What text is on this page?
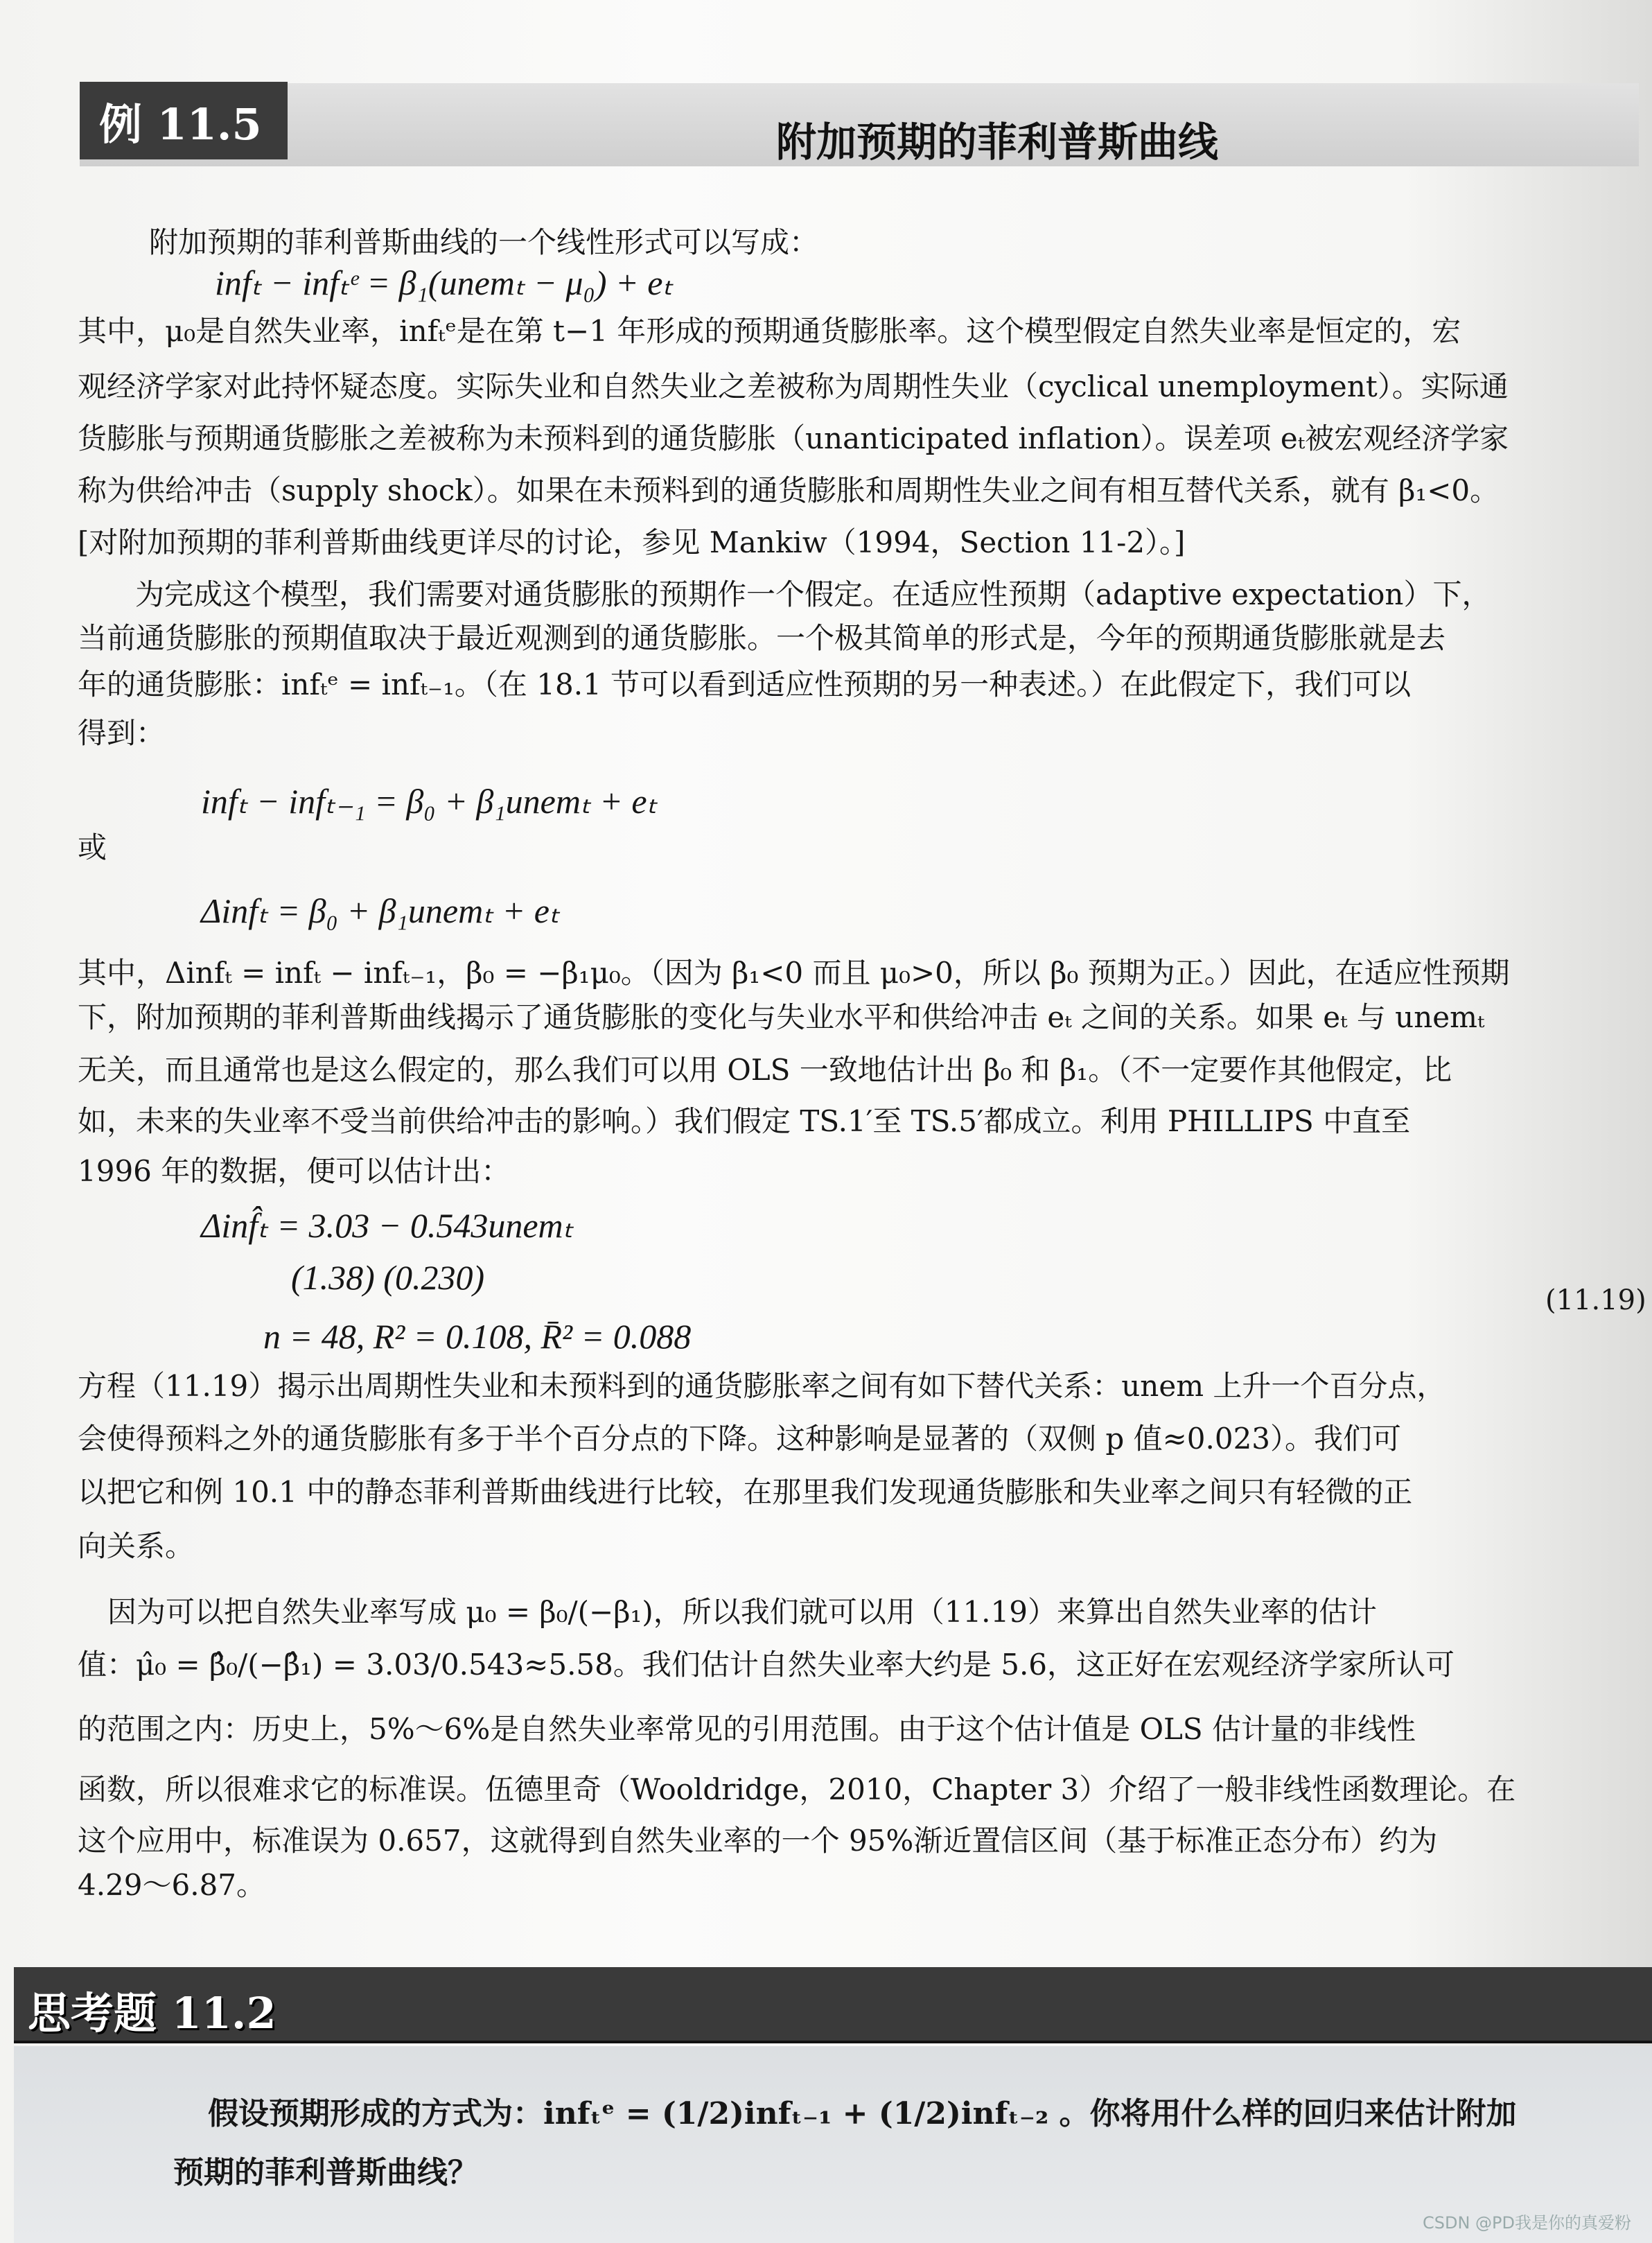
例 11.5	附加预期的菲利普斯曲线
附加预期的菲利普斯曲线的一个线性形式可以写成：
infₜ − infₜᵉ = β₁(unemₜ − μ₀) + eₜ
其中，μ₀是自然失业率，infₜᵉ是在第 t−1 年形成的预期通货膨胀率。这个模型假定自然失业率是恒定的，宏
观经济学家对此持怀疑态度。实际失业和自然失业之差被称为周期性失业（cyclical unemployment）。实际通
货膨胀与预期通货膨胀之差被称为未预料到的通货膨胀（unanticipated inflation）。误差项 eₜ被宏观经济学家
称为供给冲击（supply shock）。如果在未预料到的通货膨胀和周期性失业之间有相互替代关系，就有 β₁<0。
[对附加预期的菲利普斯曲线更详尽的讨论，参见 Mankiw（1994，Section 11-2）。]
为完成这个模型，我们需要对通货膨胀的预期作一个假定。在适应性预期（adaptive expectation）下，
当前通货膨胀的预期值取决于最近观测到的通货膨胀。一个极其简单的形式是，今年的预期通货膨胀就是去
年的通货膨胀：infₜᵉ = infₜ₋₁。（在 18.1 节可以看到适应性预期的另一种表述。）在此假定下，我们可以
得到：
infₜ − infₜ₋₁ = β₀ + β₁unemₜ + eₜ
或
Δinfₜ = β₀ + β₁unemₜ + eₜ
其中，Δinfₜ = infₜ − infₜ₋₁，β₀ = −β₁μ₀。（因为 β₁<0 而且 μ₀>0，所以 β₀ 预期为正。）因此，在适应性预期
下，附加预期的菲利普斯曲线揭示了通货膨胀的变化与失业水平和供给冲击 eₜ 之间的关系。如果 eₜ 与 unemₜ
无关，而且通常也是这么假定的，那么我们可以用 OLS 一致地估计出 β₀ 和 β₁。（不一定要作其他假定，比
如，未来的失业率不受当前供给冲击的影响。）我们假定 TS.1′至 TS.5′都成立。利用 PHILLIPS 中直至
1996 年的数据，便可以估计出：
Δinf̂ₜ = 3.03 − 0.543unemₜ
(1.38) (0.230)
n = 48, R² = 0.108, R̄² = 0.088
方程（11.19）揭示出周期性失业和未预料到的通货膨胀率之间有如下替代关系：unem 上升一个百分点，
会使得预料之外的通货膨胀有多于半个百分点的下降。这种影响是显著的（双侧 p 值≈0.023）。我们可
以把它和例 10.1 中的静态菲利普斯曲线进行比较，在那里我们发现通货膨胀和失业率之间只有轻微的正
向关系。
因为可以把自然失业率写成 μ₀ = β₀/(−β₁)，所以我们就可以用（11.19）来算出自然失业率的估计
值：μ̂₀ = β̂₀/(−β̂₁) = 3.03/0.543≈5.58。我们估计自然失业率大约是 5.6，这正好在宏观经济学家所认可
的范围之内：历史上，5%～6%是自然失业率常见的引用范围。由于这个估计值是 OLS 估计量的非线性
函数，所以很难求它的标准误。伍德里奇（Wooldridge，2010，Chapter 3）介绍了一般非线性函数理论。在
这个应用中，标准误为 0.657，这就得到自然失业率的一个 95%渐近置信区间（基于标准正态分布）约为
4.29～6.87。
(11.19)
思考题 11.2
假设预期形成的方式为：infₜᵉ = (1/2)infₜ₋₁ + (1/2)infₜ₋₂ 。你将用什么样的回归来估计附加
预期的菲利普斯曲线？
CSDN @PD我是你的真爱粉
